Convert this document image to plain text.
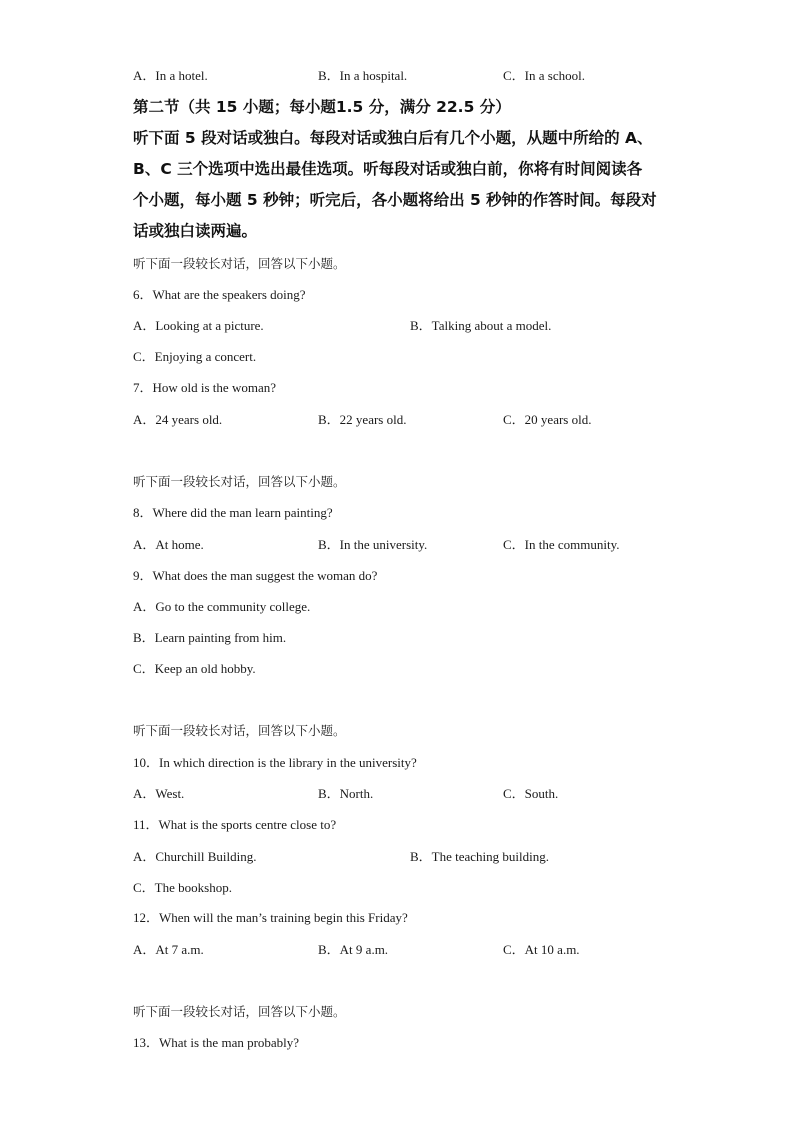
A．In a hotel.	B．In a hospital.	C．In a school.
第二节（共 15 小题；每小题1.5 分，满分 22.5 分）
听下面 5 段对话或独白。每段对话或独白后有几个小题，从题中所给的 A、
B、C 三个选项中选出最佳选项。听每段对话或独白前，你将有时间阅读各
个小题，每小题 5 秒钟；听完后，各小题将给出 5 秒钟的作答时间。每段对
话或独白读两遍。
听下面一段较长对话，回答以下小题。
6．What are the speakers doing?
A．Looking at a picture.	B．Talking about a model.
C．Enjoying a concert.
7．How old is the woman?
A．24 years old.	B．22 years old.	C．20 years old.
听下面一段较长对话，回答以下小题。
8．Where did the man learn painting?
A．At home.	B．In the university.	C．In the community.
9．What does the man suggest the woman do?
A．Go to the community college.
B．Learn painting from him.
C．Keep an old hobby.
听下面一段较长对话，回答以下小题。
10．In which direction is the library in the university?
A．West.	B．North.	C．South.
11．What is the sports centre close to?
A．Churchill Building.	B．The teaching building.
C．The bookshop.
12．When will the man’s training begin this Friday?
A．At 7 a.m.	B．At 9 a.m.	C．At 10 a.m.
听下面一段较长对话，回答以下小题。
13．What is the man probably?
